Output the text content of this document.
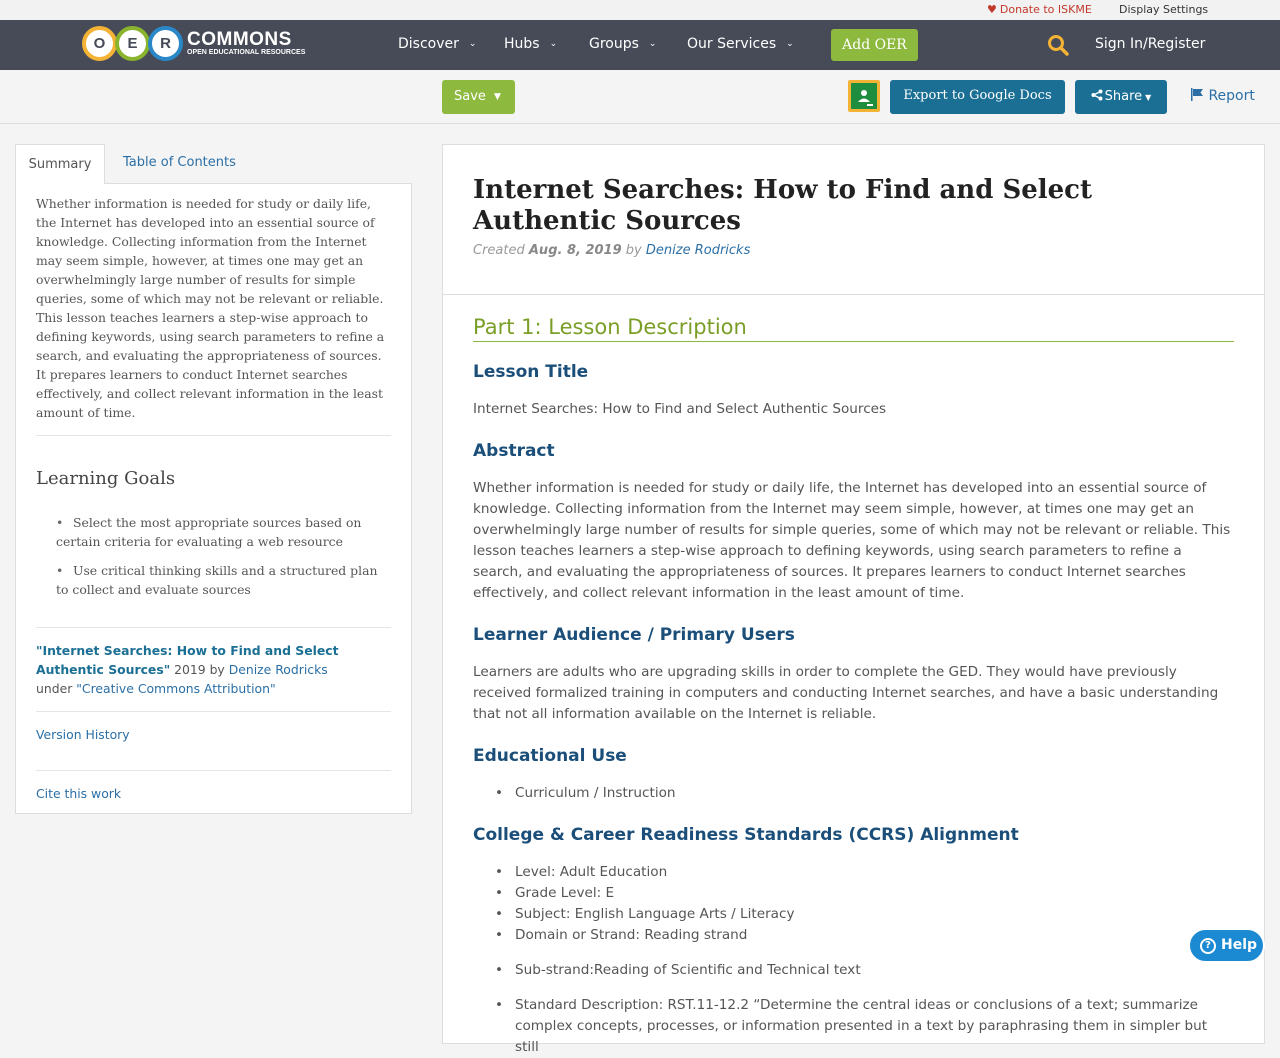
♥ Donate to ISKME Display Settings
O	E	R COMMONS
OPEN EDUCATIONAL RESOURCES	Discover ⌄ Hubs ⌄ Groups ⌄ Our Services ⌄	Add OER	Sign In/Register
Save ▼	Export to Google Docs	Share ▼	Report
Summary	Table of Contents
Whether information is needed for study or daily life, the Internet has developed into an essential source of knowledge. Collecting information from the Internet may seem simple, however, at times one may get an overwhelmingly large number of results for simple queries, some of which may not be relevant or reliable. This lesson teaches learners a step-wise approach to defining keywords, using search parameters to refine a search, and evaluating the appropriateness of sources. It prepares learners to conduct Internet searches effectively, and collect relevant information in the least amount of time.
Learning Goals
• Select the most appropriate sources based on certain criteria for evaluating a web resource
• Use critical thinking skills and a structured plan to collect and evaluate sources
"Internet Searches: How to Find and Select Authentic Sources" 2019 by Denize Rodricks
under "Creative Commons Attribution"
Version History
Cite this work
Internet Searches: How to Find and Select Authentic Sources
Created Aug. 8, 2019 by Denize Rodricks
Part 1: Lesson Description
Lesson Title
Internet Searches: How to Find and Select Authentic Sources
Abstract
Whether information is needed for study or daily life, the Internet has developed into an essential source of knowledge. Collecting information from the Internet may seem simple, however, at times one may get an overwhelmingly large number of results for simple queries, some of which may not be relevant or reliable. This lesson teaches learners a step-wise approach to defining keywords, using search parameters to refine a search, and evaluating the appropriateness of sources. It prepares learners to conduct Internet searches effectively, and collect relevant information in the least amount of time.
Learner Audience / Primary Users
Learners are adults who are upgrading skills in order to complete the GED. They would have previously received formalized training in computers and conducting Internet searches, and have a basic understanding that not all information available on the Internet is reliable.
Educational Use
• Curriculum / Instruction
College & Career Readiness Standards (CCRS) Alignment
• Level: Adult Education
• Grade Level: E
• Subject: English Language Arts / Literacy
• Domain or Strand: Reading strand
• Sub-strand:Reading of Scientific and Technical text
• Standard Description: RST.11-12.2 “Determine the central ideas or conclusions of a text; summarize complex concepts, processes, or information presented in a text by paraphrasing them in simpler but still
? Help
